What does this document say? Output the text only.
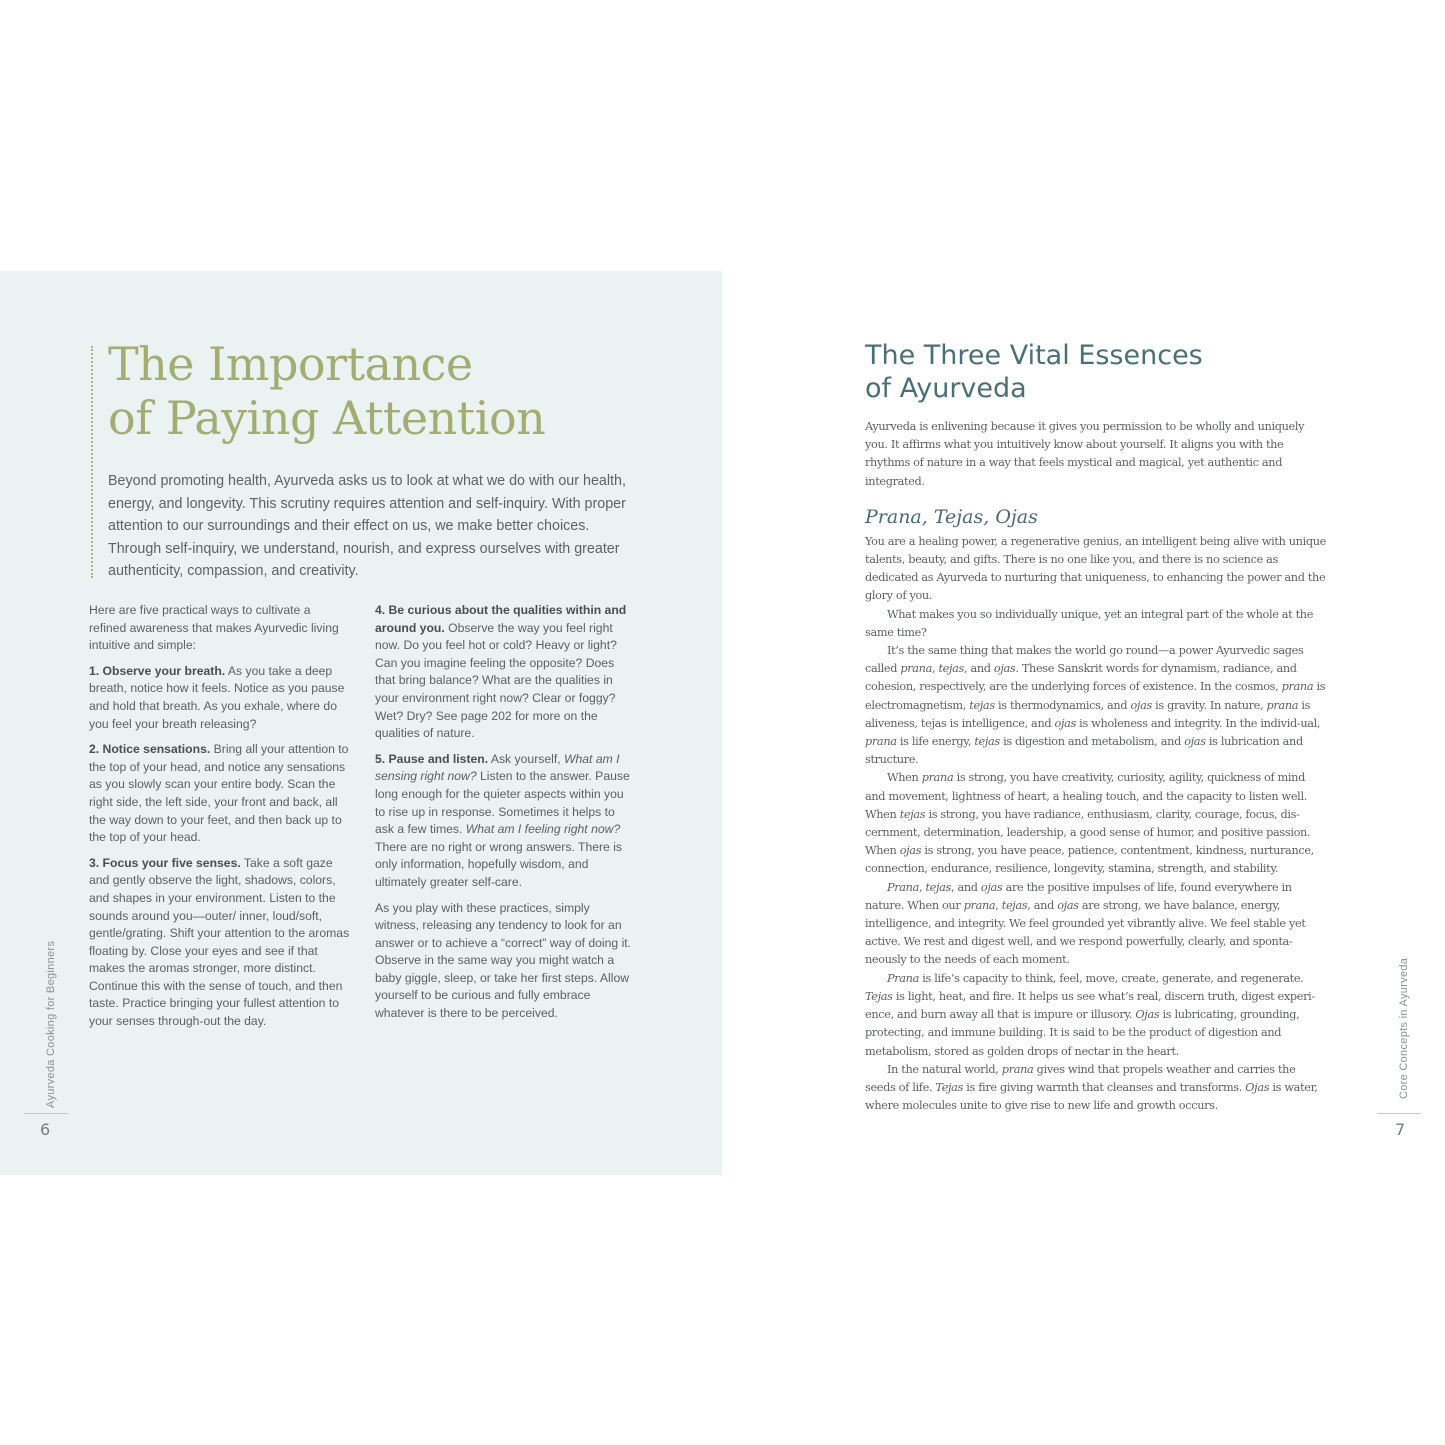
The Importance
of Paying Attention

Beyond promoting health, Ayurveda asks us to look at what we do with our health, energy, and longevity. This scrutiny requires attention and self-inquiry. With proper attention to our surroundings and their effect on us, we make better choices. Through self-inquiry, we understand, nourish, and express ourselves with greater authenticity, compassion, and creativity.

Here are five practical ways to cultivate a refined awareness that makes Ayurvedic living intuitive and simple:

1. Observe your breath. As you take a deep breath, notice how it feels. Notice as you pause and hold that breath. As you exhale, where do you feel your breath releasing?

2. Notice sensations. Bring all your attention to the top of your head, and notice any sensations as you slowly scan your entire body. Scan the right side, the left side, your front and back, all the way down to your feet, and then back up to the top of your head.

3. Focus your five senses. Take a soft gaze and gently observe the light, shadows, colors, and shapes in your environment. Listen to the sounds around you—outer/ inner, loud/soft, gentle/grating. Shift your attention to the aromas floating by. Close your eyes and see if that makes the aromas stronger, more distinct. Continue this with the sense of touch, and then taste. Practice bringing your fullest attention to your senses through-out the day.

4. Be curious about the qualities within and around you. Observe the way you feel right now. Do you feel hot or cold? Heavy or light? Can you imagine feeling the opposite? Does that bring balance? What are the qualities in your environment right now? Clear or foggy? Wet? Dry? See page 202 for more on the qualities of nature.

5. Pause and listen. Ask yourself, What am I sensing right now? Listen to the answer. Pause long enough for the quieter aspects within you to rise up in response. Sometimes it helps to ask a few times. What am I feeling right now? There are no right or wrong answers. There is only information, hopefully wisdom, and ultimately greater self-care.

As you play with these practices, simply witness, releasing any tendency to look for an answer or to achieve a “correct” way of doing it. Observe in the same way you might watch a baby giggle, sleep, or take her first steps. Allow yourself to be curious and fully embrace whatever is there to be perceived.

Ayurveda Cooking for Beginners
6
The Three Vital Essences
of Ayurveda

Ayurveda is enlivening because it gives you permission to be wholly and uniquely you. It affirms what you intuitively know about yourself. It aligns you with the rhythms of nature in a way that feels mystical and magical, yet authentic and integrated.

Prana, Tejas, Ojas

You are a healing power, a regenerative genius, an intelligent being alive with unique talents, beauty, and gifts. There is no one like you, and there is no science as dedicated as Ayurveda to nurturing that uniqueness, to enhancing the power and the glory of you.

What makes you so individually unique, yet an integral part of the whole at the same time?

It’s the same thing that makes the world go round—a power Ayurvedic sages called prana, tejas, and ojas. These Sanskrit words for dynamism, radiance, and cohesion, respectively, are the underlying forces of existence. In the cosmos, prana is electromagnetism, tejas is thermodynamics, and ojas is gravity. In nature, prana is aliveness, tejas is intelligence, and ojas is wholeness and integrity. In the individ-ual, prana is life energy, tejas is digestion and metabolism, and ojas is lubrication and structure.

When prana is strong, you have creativity, curiosity, agility, quickness of mind and movement, lightness of heart, a healing touch, and the capacity to listen well. When tejas is strong, you have radiance, enthusiasm, clarity, courage, focus, dis-cernment, determination, leadership, a good sense of humor, and positive passion. When ojas is strong, you have peace, patience, contentment, kindness, nurturance, connection, endurance, resilience, longevity, stamina, strength, and stability.

Prana, tejas, and ojas are the positive impulses of life, found everywhere in nature. When our prana, tejas, and ojas are strong, we have balance, energy, intelligence, and integrity. We feel grounded yet vibrantly alive. We feel stable yet active. We rest and digest well, and we respond powerfully, clearly, and sponta-neously to the needs of each moment.

Prana is life’s capacity to think, feel, move, create, generate, and regenerate. Tejas is light, heat, and fire. It helps us see what’s real, discern truth, digest experi-ence, and burn away all that is impure or illusory. Ojas is lubricating, grounding, protecting, and immune building. It is said to be the product of digestion and metabolism, stored as golden drops of nectar in the heart.

In the natural world, prana gives wind that propels weather and carries the seeds of life. Tejas is fire giving warmth that cleanses and transforms. Ojas is water, where molecules unite to give rise to new life and growth occurs.

Core Concepts in Ayurveda
7
